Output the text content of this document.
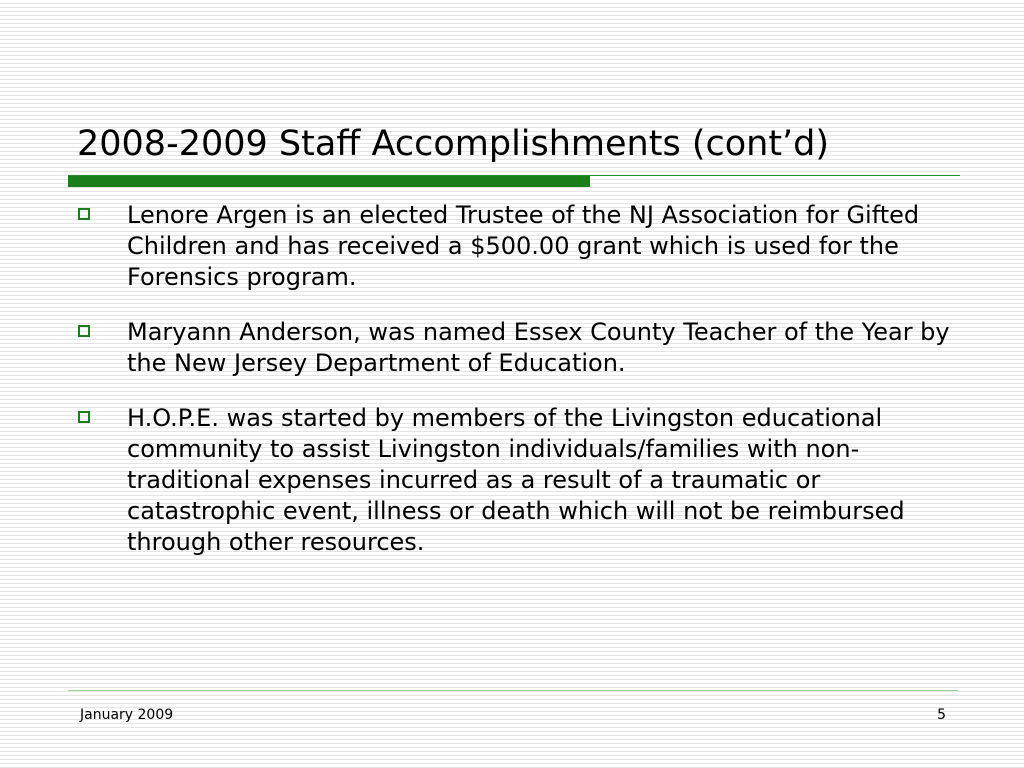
2008-2009 Staff Accomplishments (cont’d)
Lenore Argen is an elected Trustee of the NJ Association for Gifted Children and has received a $500.00 grant which is used for the Forensics program.
Maryann Anderson, was named Essex County Teacher of the Year by the New Jersey Department of Education.
H.O.P.E. was started by members of the Livingston educational community to assist Livingston individuals/families with non-traditional expenses incurred as a result of a traumatic or catastrophic event, illness or death which will not be reimbursed through other resources.
January 2009	5
